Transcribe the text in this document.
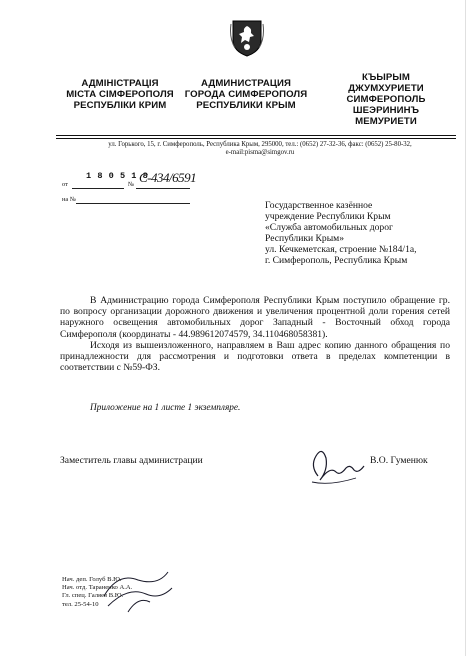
АДМІНІСТРАЦІЯ
МІСТА СІМФЕРОПОЛЯ
РЕСПУБЛІКИ КРИМ
АДМИНИСТРАЦИЯ
ГОРОДА СИМФЕРОПОЛЯ
РЕСПУБЛИКИ КРЫМ
КЪЫРЫМ
ДЖУМХУРИЕТИ
СИМФЕРОПОЛЬ
ШЕЭРИНИНЪ
МЕМУРИЕТИ
ул. Горького, 15, г. Симферополь, Республика Крым, 295000, тел.: (0652) 27-32-36, факс: (0652) 25-80-32,
e-mail:pisma@simgov.ru
1 8 0 5 1 8
от	№ С-434/6591
на №
Государственное казённое
учреждение Республики Крым
«Служба автомобильных дорог
Республики Крым»
ул. Кечкеметская, строение №184/1а,
г. Симферополь, Республика Крым

В Администрацию города Симферополя Республики Крым поступило обращение гр. по вопросу организации дорожного движения и увеличения процентной доли горения сетей наружного освещения автомобильных дорог Западный - Восточный обход города Симферополя (координаты - 44.989612074579, 34.110468058381).

Исходя из вышеизложенного, направляем в Ваш адрес копию данного обращения по принадлежности для рассмотрения и подготовки ответа в пределах компетенции в соответствии с №59-ФЗ.

Приложение на 1 листе 1 экземпляре.
Заместитель главы администрации	В.О. Гуменюк
Нач. деп. Голуб В.Ю.
Нач. отд. Тараненко А.А.
Гл. спец. Галяев В.Ю.
тел. 25-54-10
